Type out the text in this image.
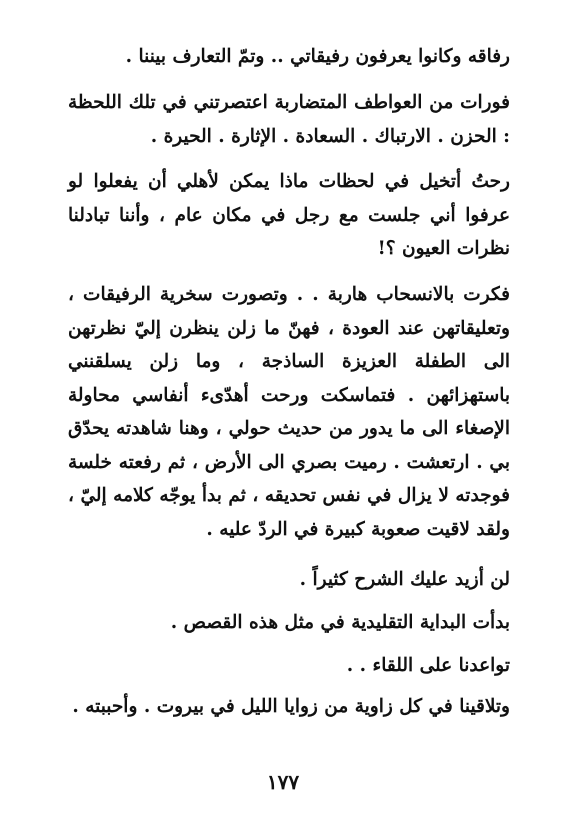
رفاقه وكانوا يعرفون رفيقاتي .. وتمّ التعارف بيننا .

فورات من العواطف المتضاربة اعتصرتني في تلك اللحظة : الحزن . الارتباك . السعادة . الإثارة . الحيرة .

رحتُ أتخيل في لحظات ماذا يمكن لأهلي أن يفعلوا لو عرفوا أني جلست مع رجل في مكان عام ، وأننا تبادلنا نظرات العيون ؟!

فكرت بالانسحاب هاربة . . وتصورت سخرية الرفيقات ، وتعليقاتهن عند العودة ، فهنّ ما زلن ينظرن إليّ نظرتهن الى الطفلة العزيزة الساذجة ، وما زلن يسلقنني باستهزائهن . فتماسكت ورحت أهدّىء أنفاسي محاولة الإصغاء الى ما يدور من حديث حولي ، وهنا شاهدته يحدّق بي . ارتعشت . رميت بصري الى الأرض ، ثم رفعته خلسة فوجدته لا يزال في نفس تحديقه ، ثم بدأ يوجّه كلامه إليّ ، ولقد لاقيت صعوبة كبيرة في الردّ عليه .

لن أزيد عليك الشرح كثيراً .

بدأت البداية التقليدية في مثل هذه القصص .

تواعدنا على اللقاء . .

وتلاقينا في كل زاوية من زوايا الليل في بيروت . وأحببته .

١٧٧
